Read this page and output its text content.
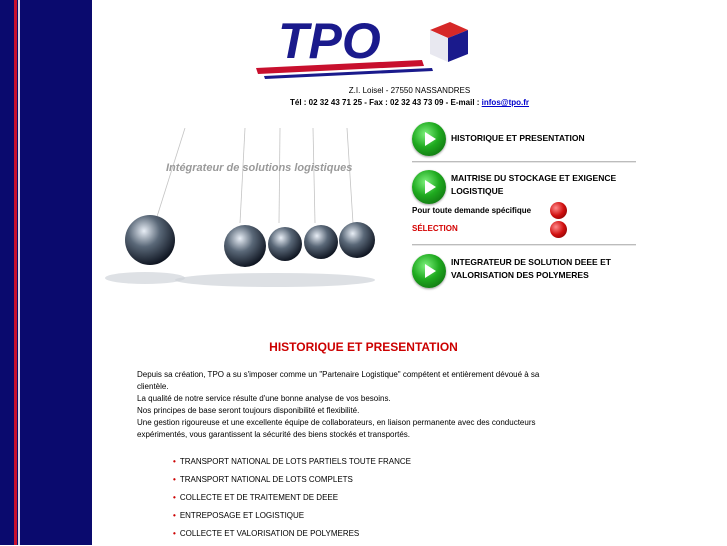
TPO
Z.I. Loisel - 27550 NASSANDRES
Tél : 02 32 43 71 25 - Fax : 02 32 43 73 09 - E-mail : infos@tpo.fr
Intégrateur de solutions logistiques
HISTORIQUE ET PRESENTATION
MAITRISE DU STOCKAGE ET EXIGENCE
LOGISTIQUE
Pour toute demande spécifique
SÉLECTION
INTEGRATEUR DE SOLUTION DEEE ET
VALORISATION DES POLYMERES
HISTORIQUE ET PRESENTATION
Depuis sa création, TPO a su s'imposer comme un "Partenaire Logistique" compétent et entièrement dévoué à sa
clientèle.
La qualité de notre service résulte d'une bonne analyse de vos besoins.
Nos principes de base seront toujours disponibilité et flexibilité.
Une gestion rigoureuse et une excellente équipe de collaborateurs, en liaison permanente avec des conducteurs
expérimentés, vous garantissent la sécurité des biens stockés et transportés.
• TRANSPORT NATIONAL DE LOTS PARTIELS TOUTE FRANCE
• TRANSPORT NATIONAL DE LOTS COMPLETS
• COLLECTE ET DE TRAITEMENT DE DEEE
• ENTREPOSAGE ET LOGISTIQUE
• COLLECTE ET VALORISATION DE POLYMERES
